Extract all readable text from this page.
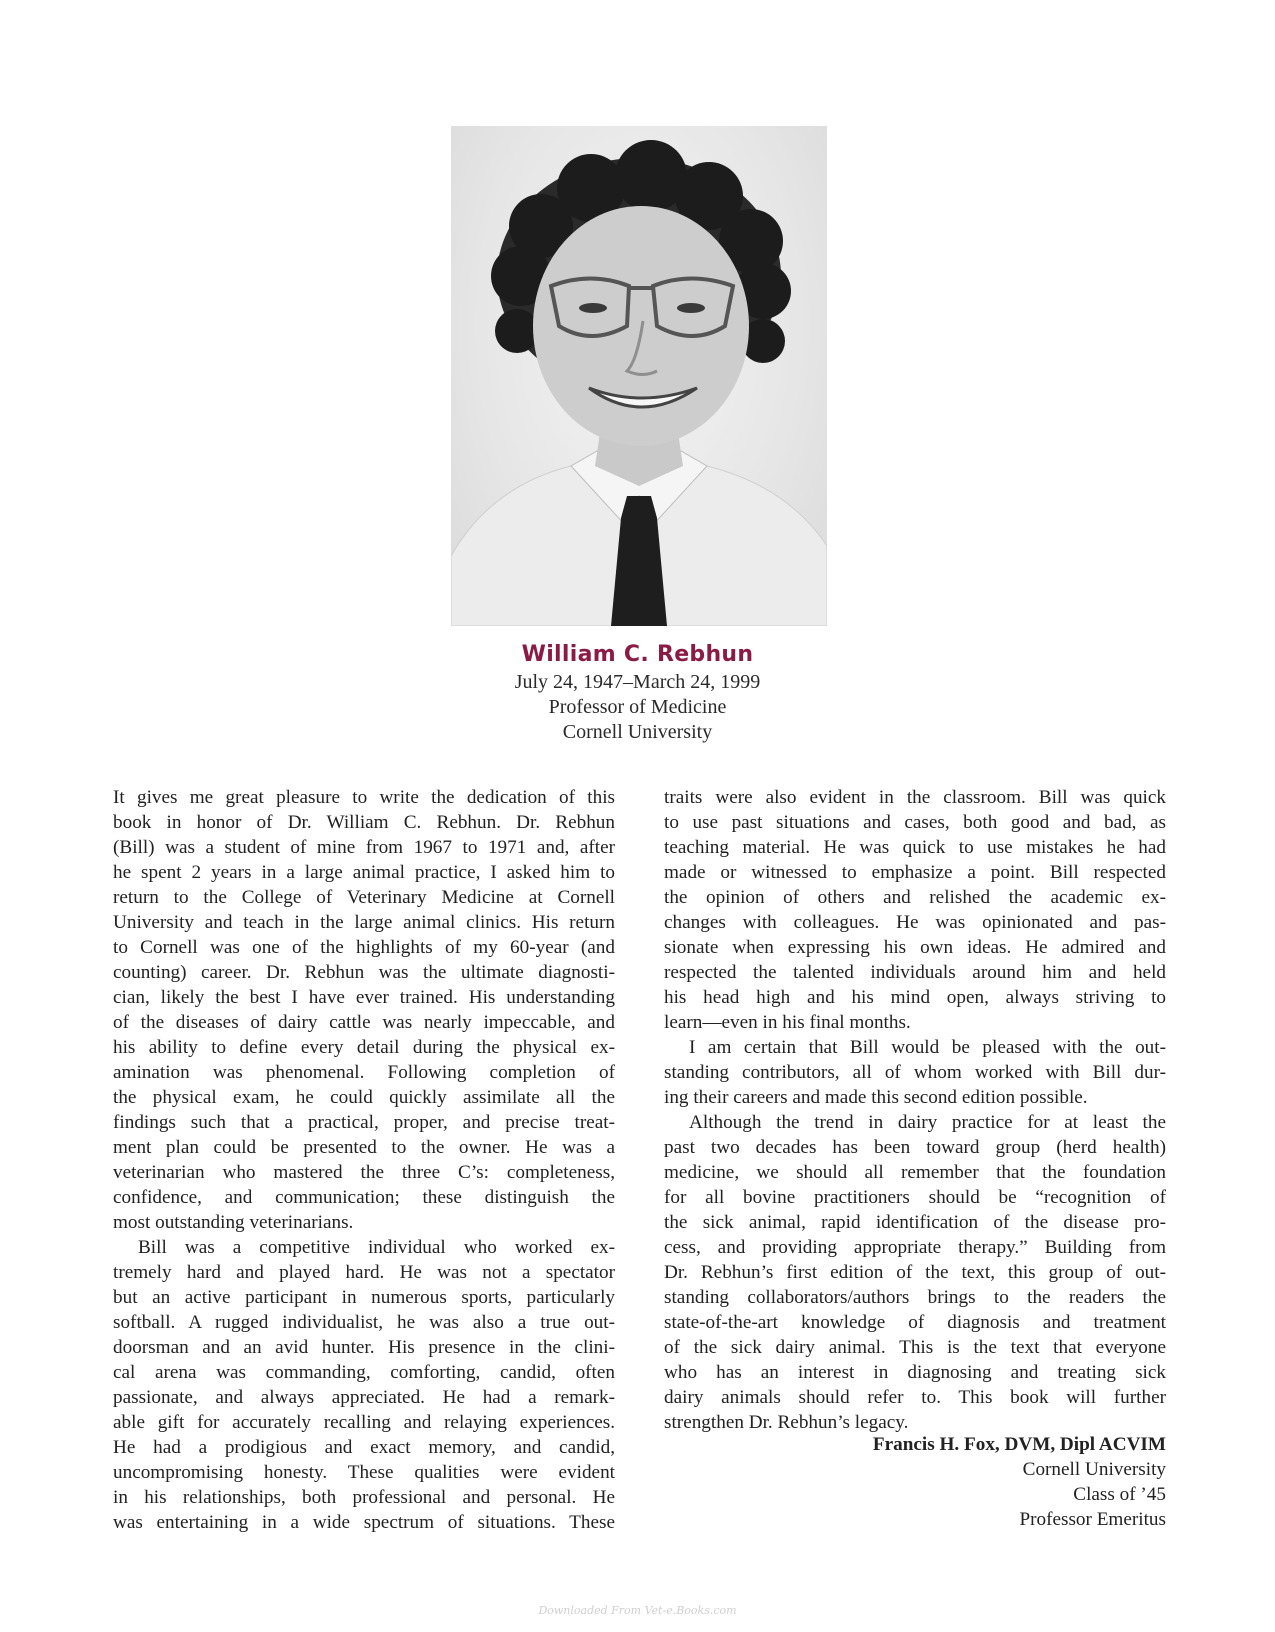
William C. Rebhun
July 24, 1947–March 24, 1999
Professor of Medicine
Cornell University
It gives me great pleasure to write the dedication of this
book in honor of Dr. William C. Rebhun. Dr. Rebhun
(Bill) was a student of mine from 1967 to 1971 and, after
he spent 2 years in a large animal practice, I asked him to
return to the College of Veterinary Medicine at Cornell
University and teach in the large animal clinics. His return
to Cornell was one of the highlights of my 60-year (and
counting) career. Dr. Rebhun was the ultimate diagnosti-
cian, likely the best I have ever trained. His understanding
of the diseases of dairy cattle was nearly impeccable, and
his ability to define every detail during the physical ex-
amination was phenomenal. Following completion of
the physical exam, he could quickly assimilate all the
findings such that a practical, proper, and precise treat-
ment plan could be presented to the owner. He was a
veterinarian who mastered the three C’s: completeness,
confidence, and communication; these distinguish the
most outstanding veterinarians.
Bill was a competitive individual who worked ex-
tremely hard and played hard. He was not a spectator
but an active participant in numerous sports, particularly
softball. A rugged individualist, he was also a true out-
doorsman and an avid hunter. His presence in the clini-
cal arena was commanding, comforting, candid, often
passionate, and always appreciated. He had a remark-
able gift for accurately recalling and relaying experiences.
He had a prodigious and exact memory, and candid,
uncompromising honesty. These qualities were evident
in his relationships, both professional and personal. He
was entertaining in a wide spectrum of situations. These
traits were also evident in the classroom. Bill was quick
to use past situations and cases, both good and bad, as
teaching material. He was quick to use mistakes he had
made or witnessed to emphasize a point. Bill respected
the opinion of others and relished the academic ex-
changes with colleagues. He was opinionated and pas-
sionate when expressing his own ideas. He admired and
respected the talented individuals around him and held
his head high and his mind open, always striving to
learn—even in his final months.
I am certain that Bill would be pleased with the out-
standing contributors, all of whom worked with Bill dur-
ing their careers and made this second edition possible.
Although the trend in dairy practice for at least the
past two decades has been toward group (herd health)
medicine, we should all remember that the foundation
for all bovine practitioners should be “recognition of
the sick animal, rapid identification of the disease pro-
cess, and providing appropriate therapy.” Building from
Dr. Rebhun’s first edition of the text, this group of out-
standing collaborators/authors brings to the readers the
state-of-the-art knowledge of diagnosis and treatment
of the sick dairy animal. This is the text that everyone
who has an interest in diagnosing and treating sick
dairy animals should refer to. This book will further
strengthen Dr. Rebhun’s legacy.
Francis H. Fox, DVM, Dipl ACVIM
Cornell University
Class of ’45
Professor Emeritus
Downloaded From Vet-e.Books.com
